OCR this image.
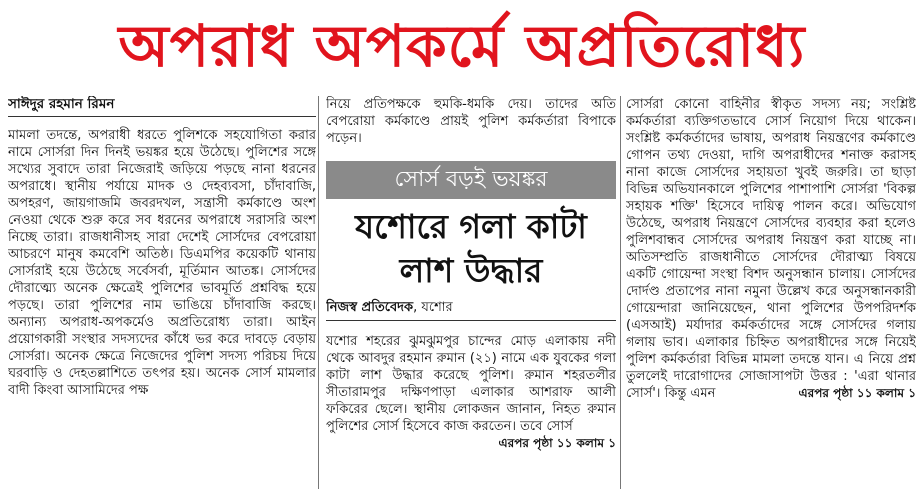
অপরাধ অপকর্মে অপ্রতিরোধ্য
সাঈদুর রহমান রিমন

মামলা তদন্তে, অপরাধী ধরতে পুলিশকে সহযোগিতা করার নামে সোর্সরা দিন দিনই ভয়ঙ্কর হয়ে উঠেছে। পুলিশের সঙ্গে সখ্যের সুবাদে তারা নিজেরাই জড়িয়ে পড়ছে নানা ধরনের অপরাধে। স্থানীয় পর্যায়ে মাদক ও দেহব্যবসা, চাঁদাবাজি, অপহরণ, জায়গাজমি জবরদখল, সন্ত্রাসী কর্মকাণ্ডে অংশ নেওয়া থেকে শুরু করে সব ধরনের অপরাধে সরাসরি অংশ নিচ্ছে তারা। রাজধানীসহ সারা দেশেই সোর্সদের বেপরোয়া আচরণে মানুষ কমবেশি অতিষ্ঠ। ডিএমপির কয়েকটি থানায় সোর্সরাই হয়ে উঠেছে সর্বেসর্বা, মূর্তিমান আতঙ্ক। সোর্সদের দৌরাত্ম্যে অনেক ক্ষেত্রেই পুলিশের ভাবমূর্তি প্রশ্নবিদ্ধ হয়ে পড়ছে। তারা পুলিশের নাম ভাঙিয়ে চাঁদাবাজি করছে। অন্যান্য অপরাধ-অপকর্মেও অপ্রতিরোধ্য তারা। আইন প্রয়োগকারী সংস্থার সদস্যদের কাঁধে ভর করে দাবড়ে বেড়ায় সোর্সরা। অনেক ক্ষেত্রে নিজেদের পুলিশ সদস্য পরিচয় দিয়ে ঘরবাড়ি ও দেহতল্লাশিতে তৎপর হয়। অনেক সোর্স মামলার বাদী কিংবা আসামিদের পক্ষ

নিয়ে প্রতিপক্ষকে হুমকি-ধমকি দেয়। তাদের অতি বেপরোয়া কর্মকাণ্ডে প্রায়ই পুলিশ কর্মকর্তারা বিপাকে পড়েন।

সোর্স বড়ই ভয়ঙ্কর
যশোরে গলা কাটা লাশ উদ্ধার
নিজস্ব প্রতিবেদক, যশোর

যশোর শহরের ঝুমঝুমপুর চান্দের মোড় এলাকায় নদী থেকে আবদুর রহমান রুমান (২১) নামে এক যুবকের গলা কাটা লাশ উদ্ধার করেছে পুলিশ। রুমান শহরতলীর সীতারামপুর দক্ষিণপাড়া এলাকার আশরাফ আলী ফকিরের ছেলে। স্থানীয় লোকজন জানান, নিহত রুমান পুলিশের সোর্স হিসেবে কাজ করতেন। তবে সোর্স
এরপর পৃষ্ঠা ১১ কলাম ১

সোর্সরা কোনো বাহিনীর স্বীকৃত সদস্য নয়; সংশ্লিষ্ট কর্মকর্তারা ব্যক্তিগতভাবে সোর্স নিয়োগ দিয়ে থাকেন। সংশ্লিষ্ট কর্মকর্তাদের ভাষায়, অপরাধ নিয়ন্ত্রণের কর্মকাণ্ডে গোপন তথ্য দেওয়া, দাগি অপরাধীদের শনাক্ত করাসহ নানা কাজে সোর্সদের সহায়তা খুবই জরুরি। তা ছাড়া বিভিন্ন অভিযানকালে পুলিশের পাশাপাশি সোর্সরা 'বিকল্প সহায়ক শক্তি' হিসেবে দায়িত্ব পালন করে। অভিযোগ উঠেছে, অপরাধ নিয়ন্ত্রণে সোর্সদের ব্যবহার করা হলেও পুলিশবান্ধব সোর্সদের অপরাধ নিয়ন্ত্রণ করা যাচ্ছে না। অতিসম্প্রতি রাজধানীতে সোর্সদের দৌরাত্ম্য বিষয়ে একটি গোয়েন্দা সংস্থা বিশদ অনুসন্ধান চালায়। সোর্সদের দোর্দণ্ড প্রতাপের নানা নমুনা উল্লেখ করে অনুসন্ধানকারী গোয়েন্দারা জানিয়েছেন, থানা পুলিশের উপপরিদর্শক (এসআই) মর্যাদার কর্মকর্তাদের সঙ্গে সোর্সদের গলায় গলায় ভাব। এলাকার চিহ্নিত অপরাধীদের সঙ্গে নিয়েই পুলিশ কর্মকর্তারা বিভিন্ন মামলা তদন্তে যান। এ নিয়ে প্রশ্ন তুললেই দারোগাদের সোজাসাপটা উত্তর : 'এরা থানার সোর্স'। কিন্তু এমন	এরপর পৃষ্ঠা ১১ কলাম ১
